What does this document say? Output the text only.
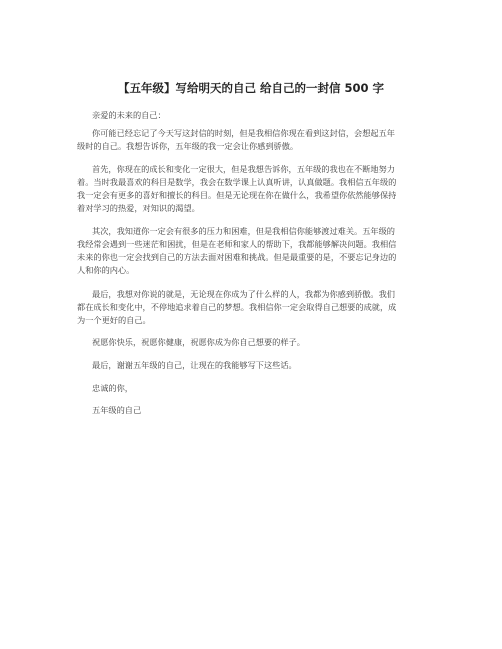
【五年级】写给明天的自己 给自己的一封信 500 字
亲爱的未来的自己：
你可能已经忘记了今天写这封信的时刻，但是我相信你现在看到这封信，会想起五年
级时的自己。我想告诉你，五年级的我一定会让你感到骄傲。
首先，你现在的成长和变化一定很大，但是我想告诉你，五年级的我也在不断地努力
着。当时我最喜欢的科目是数学，我会在数学课上认真听讲，认真做题。我相信五年级的
我一定会有更多的喜好和擅长的科目。但是无论现在你在做什么，我希望你依然能够保持
着对学习的热爱，对知识的渴望。
其次，我知道你一定会有很多的压力和困难，但是我相信你能够渡过难关。五年级的
我经常会遇到一些迷茫和困扰，但是在老师和家人的帮助下，我都能够解决问题。我相信
未来的你也一定会找到自己的方法去面对困难和挑战。但是最重要的是，不要忘记身边的
人和你的内心。
最后，我想对你说的就是，无论现在你成为了什么样的人，我都为你感到骄傲。我们
都在成长和变化中，不停地追求着自己的梦想。我相信你一定会取得自己想要的成就，成
为一个更好的自己。
祝愿你快乐，祝愿你健康，祝愿你成为你自己想要的样子。
最后，谢谢五年级的自己，让现在的我能够写下这些话。
忠诚的你，
五年级的自己
